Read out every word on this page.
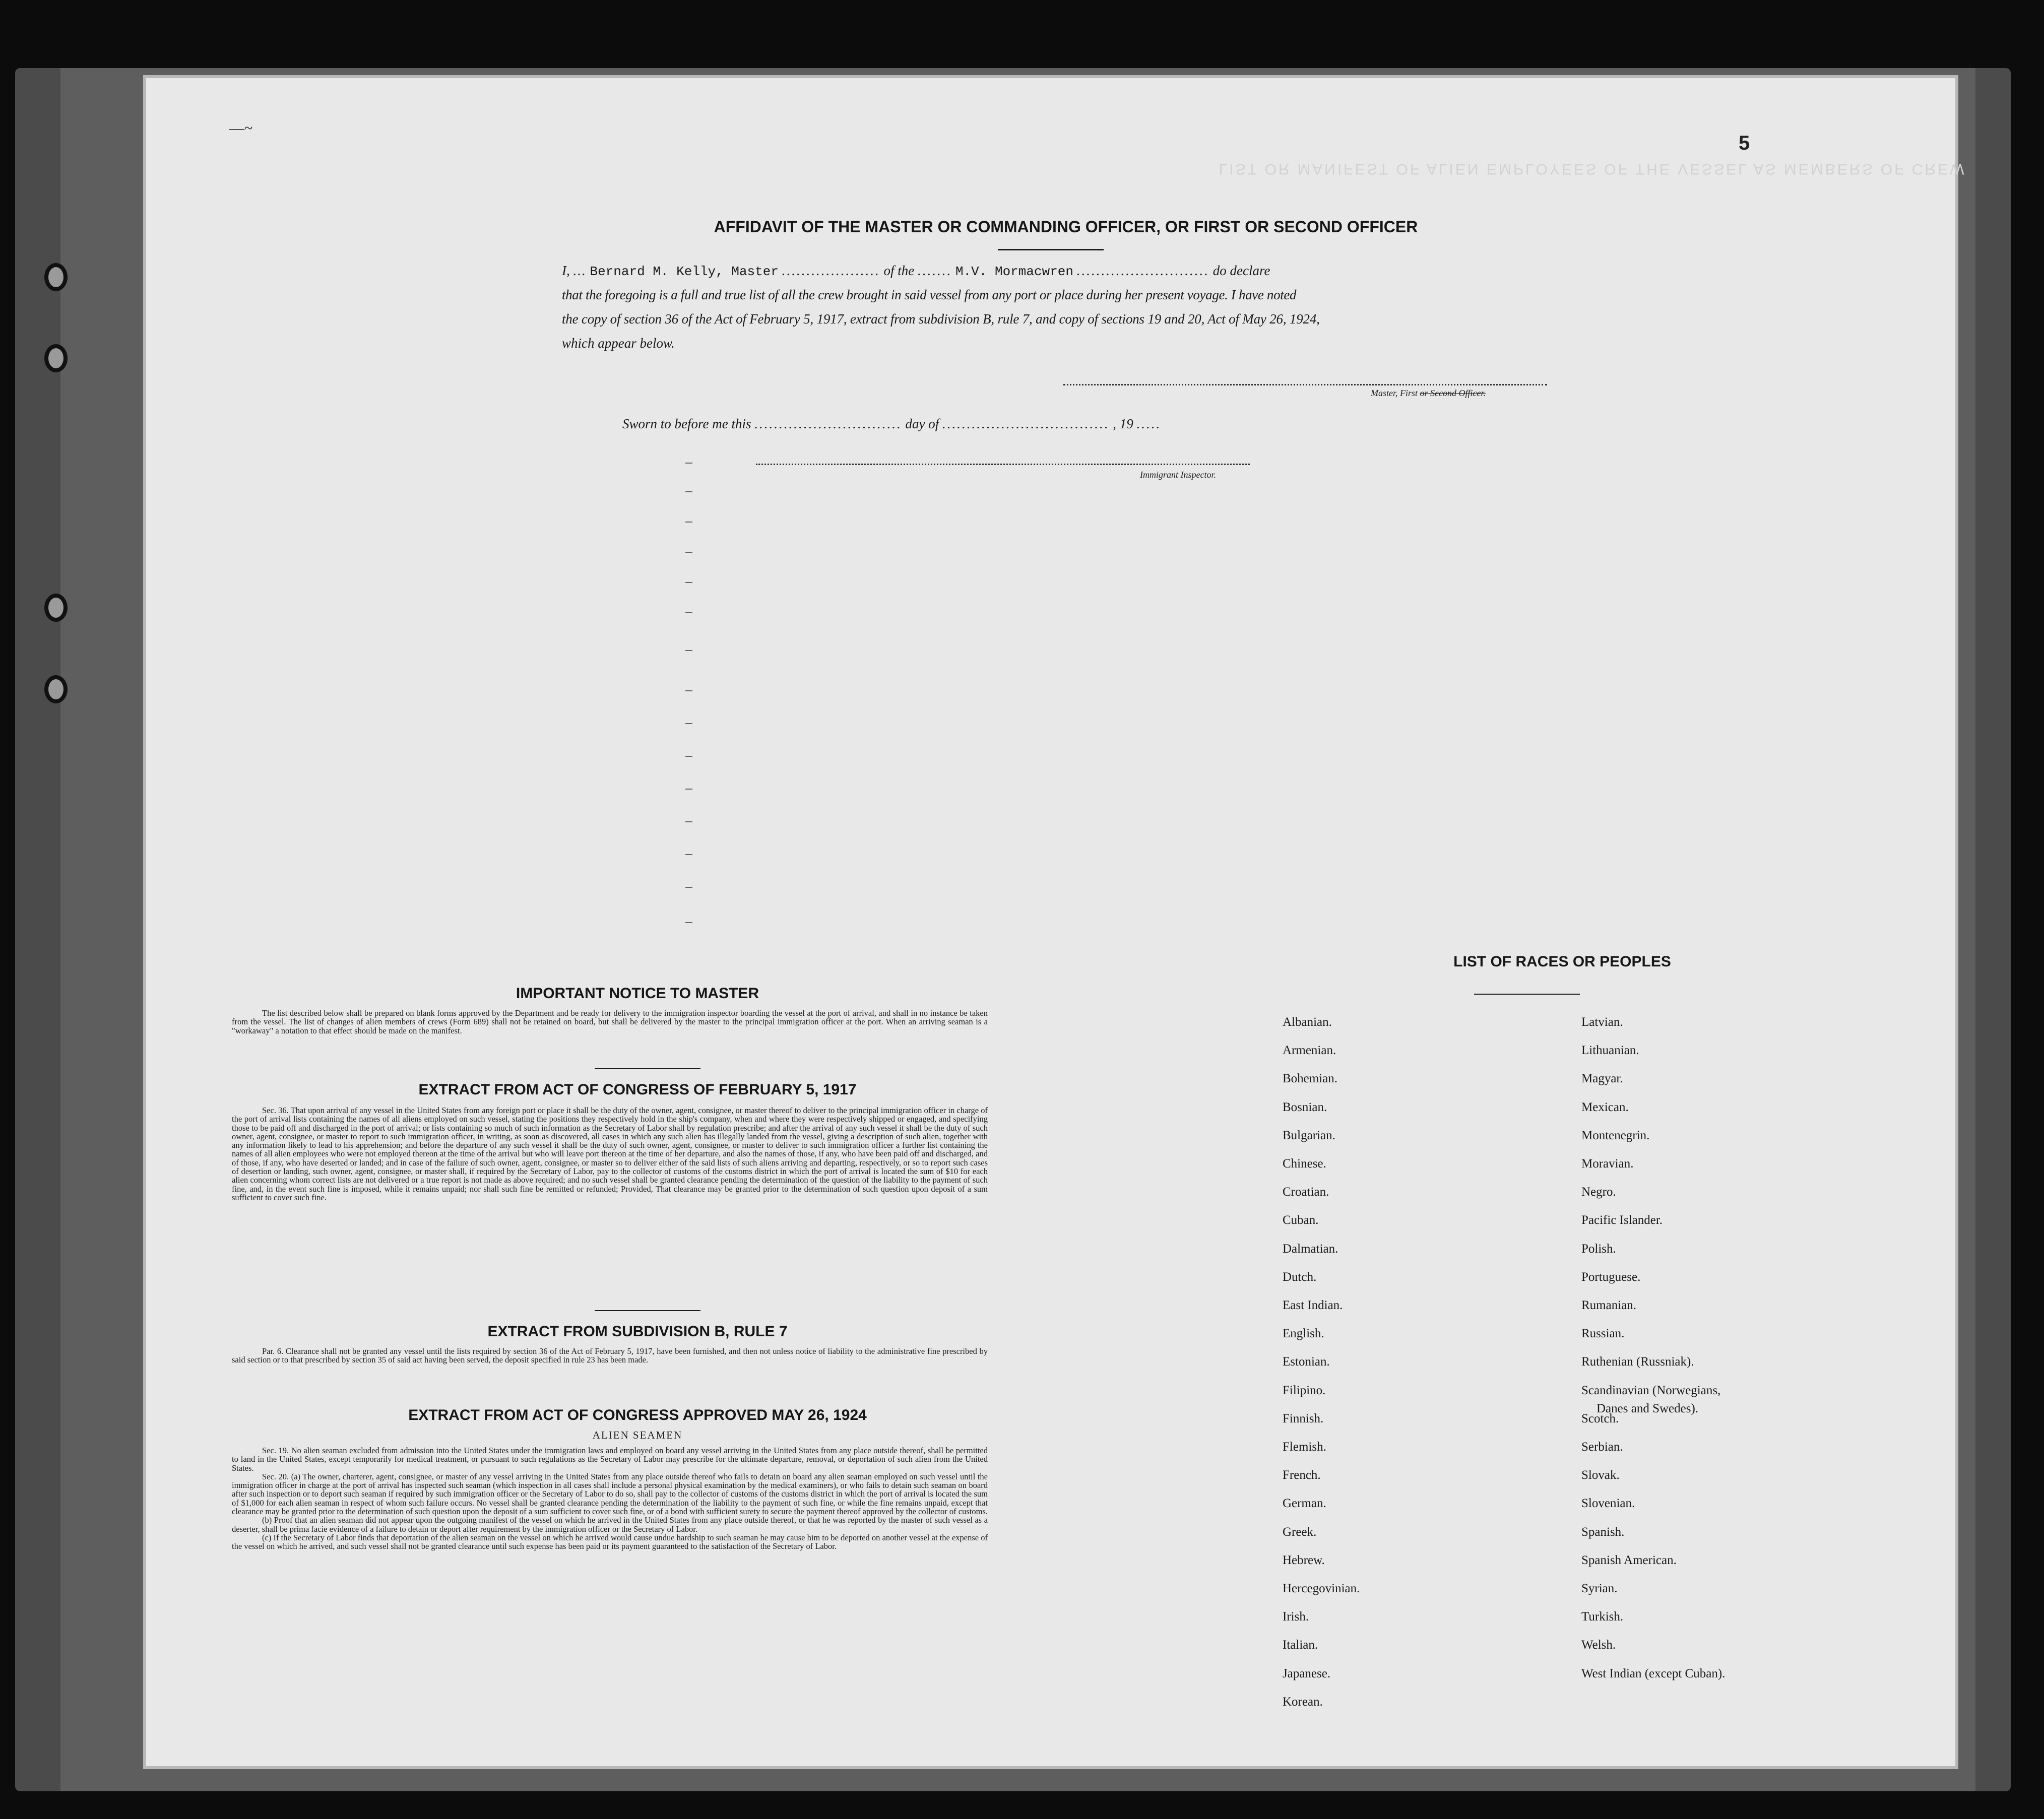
LIST OR MANIFEST OF ALIEN EMPLOYEES OF THE VESSEL AS MEMBERS OF CREW
—~
5
AFFIDAVIT OF THE MASTER OR COMMANDING OFFICER, OR FIRST OR SECOND OFFICER
I, ... Bernard M. Kelly, Master .................... of the ....... M.V. Mormacwren ........................... do declare
that the foregoing is a full and true list of all the crew brought in said vessel from any port or place during her present voyage. I have noted
the copy of section 36 of the Act of February 5, 1917, extract from subdivision B, rule 7, and copy of sections 19 and 20, Act of May 26, 1924,
which appear below.
Master, First or Second Officer.
Sworn to before me this .............................. day of .................................. , 19 .....
Immigrant Inspector.
IMPORTANT NOTICE TO MASTER
The list described below shall be prepared on blank forms approved by the Department and be ready for delivery to the immigration inspector boarding the vessel at the port of arrival, and shall in no instance be taken from the vessel. The list of changes of alien members of crews (Form 689) shall not be retained on board, but shall be delivered by the master to the principal immigration officer at the port. When an arriving seaman is a "workaway" a notation to that effect should be made on the manifest.
EXTRACT FROM ACT OF CONGRESS OF FEBRUARY 5, 1917
Sec. 36. That upon arrival of any vessel in the United States from any foreign port or place it shall be the duty of the owner, agent, consignee, or master thereof to deliver to the principal immigration officer in charge of the port of arrival lists containing the names of all aliens employed on such vessel, stating the positions they respectively hold in the ship's company, when and where they were respectively shipped or engaged, and specifying those to be paid off and discharged in the port of arrival; or lists containing so much of such information as the Secretary of Labor shall by regulation prescribe; and after the arrival of any such vessel it shall be the duty of such owner, agent, consignee, or master to report to such immigration officer, in writing, as soon as discovered, all cases in which any such alien has illegally landed from the vessel, giving a description of such alien, together with any information likely to lead to his apprehension; and before the departure of any such vessel it shall be the duty of such owner, agent, consignee, or master to deliver to such immigration officer a further list containing the names of all alien employees who were not employed thereon at the time of the arrival but who will leave port thereon at the time of her departure, and also the names of those, if any, who have been paid off and discharged, and of those, if any, who have deserted or landed; and in case of the failure of such owner, agent, consignee, or master so to deliver either of the said lists of such aliens arriving and departing, respectively, or so to report such cases of desertion or landing, such owner, agent, consignee, or master shall, if required by the Secretary of Labor, pay to the collector of customs of the customs district in which the port of arrival is located the sum of $10 for each alien concerning whom correct lists are not delivered or a true report is not made as above required; and no such vessel shall be granted clearance pending the determination of the question of the liability to the payment of such fine, and, in the event such fine is imposed, while it remains unpaid; nor shall such fine be remitted or refunded; Provided, That clearance may be granted prior to the determination of such question upon deposit of a sum sufficient to cover such fine.
EXTRACT FROM SUBDIVISION B, RULE 7
Par. 6. Clearance shall not be granted any vessel until the lists required by section 36 of the Act of February 5, 1917, have been furnished, and then not unless notice of liability to the administrative fine prescribed by said section or to that prescribed by section 35 of said act having been served, the deposit specified in rule 23 has been made.
EXTRACT FROM ACT OF CONGRESS APPROVED MAY 26, 1924
ALIEN SEAMEN

Sec. 19. No alien seaman excluded from admission into the United States under the immigration laws and employed on board any vessel arriving in the United States from any place outside thereof, shall be permitted to land in the United States, except temporarily for medical treatment, or pursuant to such regulations as the Secretary of Labor may prescribe for the ultimate departure, removal, or deportation of such alien from the United States.

Sec. 20. (a) The owner, charterer, agent, consignee, or master of any vessel arriving in the United States from any place outside thereof who fails to detain on board any alien seaman employed on such vessel until the immigration officer in charge at the port of arrival has inspected such seaman (which inspection in all cases shall include a personal physical examination by the medical examiners), or who fails to detain such seaman on board after such inspection or to deport such seaman if required by such immigration officer or the Secretary of Labor to do so, shall pay to the collector of customs of the customs district in which the port of arrival is located the sum of $1,000 for each alien seaman in respect of whom such failure occurs. No vessel shall be granted clearance pending the determination of the liability to the payment of such fine, or while the fine remains unpaid, except that clearance may be granted prior to the determination of such question upon the deposit of a sum sufficient to cover such fine, or of a bond with sufficient surety to secure the payment thereof approved by the collector of customs.

(b) Proof that an alien seaman did not appear upon the outgoing manifest of the vessel on which he arrived in the United States from any place outside thereof, or that he was reported by the master of such vessel as a deserter, shall be prima facie evidence of a failure to detain or deport after requirement by the immigration officer or the Secretary of Labor.

(c) If the Secretary of Labor finds that deportation of the alien seaman on the vessel on which he arrived would cause undue hardship to such seaman he may cause him to be deported on another vessel at the expense of the vessel on which he arrived, and such vessel shall not be granted clearance until such expense has been paid or its payment guaranteed to the satisfaction of the Secretary of Labor.

LIST OF RACES OR PEOPLES
Albanian.
Armenian.
Bohemian.
Bosnian.
Bulgarian.
Chinese.
Croatian.
Cuban.
Dalmatian.
Dutch.
East Indian.
English.
Estonian.
Filipino.
Finnish.
Flemish.
French.
German.
Greek.
Hebrew.
Hercegovinian.
Irish.
Italian.
Japanese.
Korean.
Latvian.
Lithuanian.
Magyar.
Mexican.
Montenegrin.
Moravian.
Negro.
Pacific Islander.
Polish.
Portuguese.
Rumanian.
Russian.
Ruthenian (Russniak).
Scandinavian (Norwegians,
Danes and Swedes).
Scotch.
Serbian.
Slovak.
Slovenian.
Spanish.
Spanish American.
Syrian.
Turkish.
Welsh.
West Indian (except Cuban).
